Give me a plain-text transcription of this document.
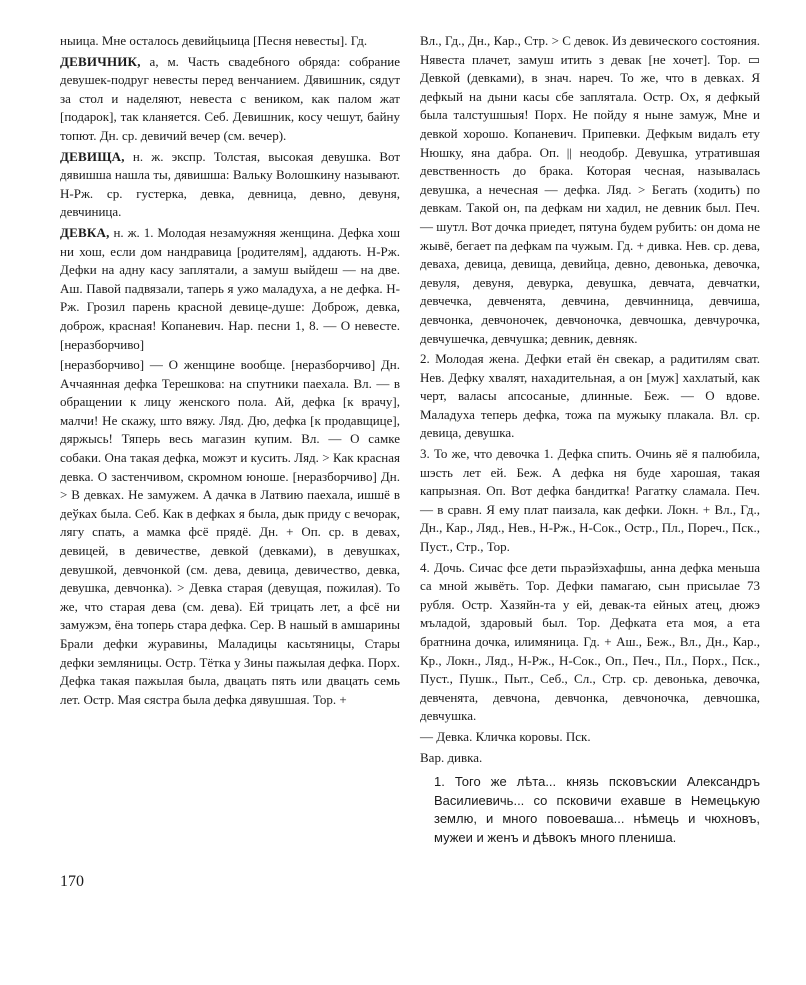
ныица. Мне осталось девийцыица [Песня невесты]. Гд.

ДЕВИЧНИК, а, м. Часть свадебного обряда: собрание девушек-подруг невесты перед венчанием. Дявишник, сядут за стол и наделяют, невеста с веником, как палом жат [подарок], так кланяется. Себ. Девишник, косу чешут, байну топют. Дн. ср. девичий вечер (см. вечер).

ДЕВИЩА, н. ж. экспр. Толстая, высокая девушка. Вот дявишша нашла ты, дявишша: Вальку Волошкину называют. Н-Рж. ср. густерка, девка, девница, девно, девуня, девчиница.

ДЕВКА, н. ж. 1. Молодая незамужняя женщина. Дефка хош ни хош, если дом нандравица [родителям], аддають. Н-Рж. Дефки на адну касу заплятали, а замуш выйдеш — на две. Аш. Павой падвязали, тапеpь я ужо маладуха, а не дефка. Н-Рж. Грозил парень красной девице-душе: Доброж, девка, доброж, красная! Копаневич. Нар. песни 1, 8. — О невесте. [неразборчиво]

[неразборчиво] — О женщине вообще. [неразборчиво] Дн. Аччаянная дефка Терешкова: на спутники паехала. Вл. — в обращении к лицу женского пола. Ай, дефка [к врачу], малчи! Не скажу, што вяжу. Ляд. Дю, дефка [к продавщице], дяржысь! Тяперь весь магазин купим. Вл. — О самке собаки. Она такая дефка, можэт и кусить. Ляд. > Как красная девка. О застенчивом, скромном юноше. [неразборчиво] Дн. > В девках. Не замужем. А дачка в Латвию паехала, ишшё в деўках была. Себ. Как в дефках я была, дык приду с вечорак, лягу спать, а мамка фсё прядё. Дн. + Оп. ср. в девах, девицей, в девичестве, девкой (девками), в девушках, девушкой, девчонкой (см. дева, девица, девичество, девка, девушка, девчонка). > Девка старая (девущая, пожилая). То же, что старая дева (см. дева). Ей трицать лет, а фсё ни замужэм, ёна топерь стара дефка. Сер. В нашый в амшарины Брали дефки журавины, Маладицы касьтяницы, Стары дефки земляницы. Остр. Тётка у Зины пажылая дефка. Порх. Дефка такая пажылая была, двацать пять или двацать семь лет. Остр. Мая сястра была дефка дявушшая. Тор. +

Вл., Гд., Дн., Кар., Стр. > С девок. Из девического состояния. Нявеста плачет, замуш итить з девак [не хочет]. Тор. ▭ Девкой (девками), в знач. нареч. То же, что в девках. Я дефкый на дыни касы сбе заплятала. Остр. Ох, я дефкый была талстушшыя! Порх. Не пойду я ныне замуж, Мне и девкой хорошо. Копаневич. Припевки. Дефкым видалъ ету Нюшку, яна дабра. Оп. || неодобр. Девушка, утратившая девственность до брака. Которая чесная, называлась девушка, а нечесная — дефка. Ляд. > Бегать (ходить) по девкам. Такой он, па дефкам ни хадил, не девник был. Печ. — шутл. Вот дочка приедет, пятуна будем рубить: он дома не жывё, бегает па дефкам па чужым. Гд. + дивка. Нев. ср. дева, деваха, девица, девища, девийца, девно, девонька, девочка, девуля, девуня, девурка, девушка, девчата, девчатки, девчечка, девченята, девчина, девчинница, девчиша, девчонка, девчоночек, девчоночка, девчошка, девчурочка, девчушечка, девчушка; девник, девняк.

2. Молодая жена. Дефки етай ён свекар, а радитилям сват. Нев. Дефку хвалят, нахадительная, а он [муж] хахлатый, как черт, валасы апсосаные, длинные. Беж. — О вдове. Маладуха теперь дефка, тожа па мужыку плакала. Вл. ср. девица, девушка.

3. То же, что девочка 1. Дефка спить. Очинь яё я палюбила, шэсть лет ей. Беж. А дефка ня буде харошая, такая капрызная. Оп. Вот дефка бандитка! Рагатку сламала. Печ. — в сравн. Я ему плат паизала, как дефки. Локн. + Вл., Гд., Дн., Кар., Ляд., Нев., Н-Рж., Н-Сок., Остр., Пл., Пореч., Пск., Пуст., Стр., Тор.

4. Дочь. Сичас фсе дети пьраэйэхафшы, анна дефка меньша са мной жывёть. Тор. Дефки памагаю, сын присылае 73 рубля. Остр. Хазяйн-та у ей, девак-та ейных атец, дюжэ мъладой, здаровый был. Тор. Дефката ета моя, а ета братнина дочка, илимяница. Гд. + Аш., Беж., Вл., Дн., Кар., Кр., Локн., Ляд., Н-Рж., Н-Сок., Оп., Печ., Пл., Порх., Пск., Пуст., Пушк., Пыт., Себ., Сл., Стр. ср. девонька, девочка, девченята, девчона, девчонка, девчоночка, девчошка, девчушка.

— Девка. Кличка коровы. Пск.

Вар. дивка.

1. Того же лѣта... князь псковъскии Александръ Василиевичь... со псковичи ехавше в Немецькую землю, и много повоеваша... нѣмець и чюхновъ, мужеи и женъ и дѣвокъ много плениша.
170
